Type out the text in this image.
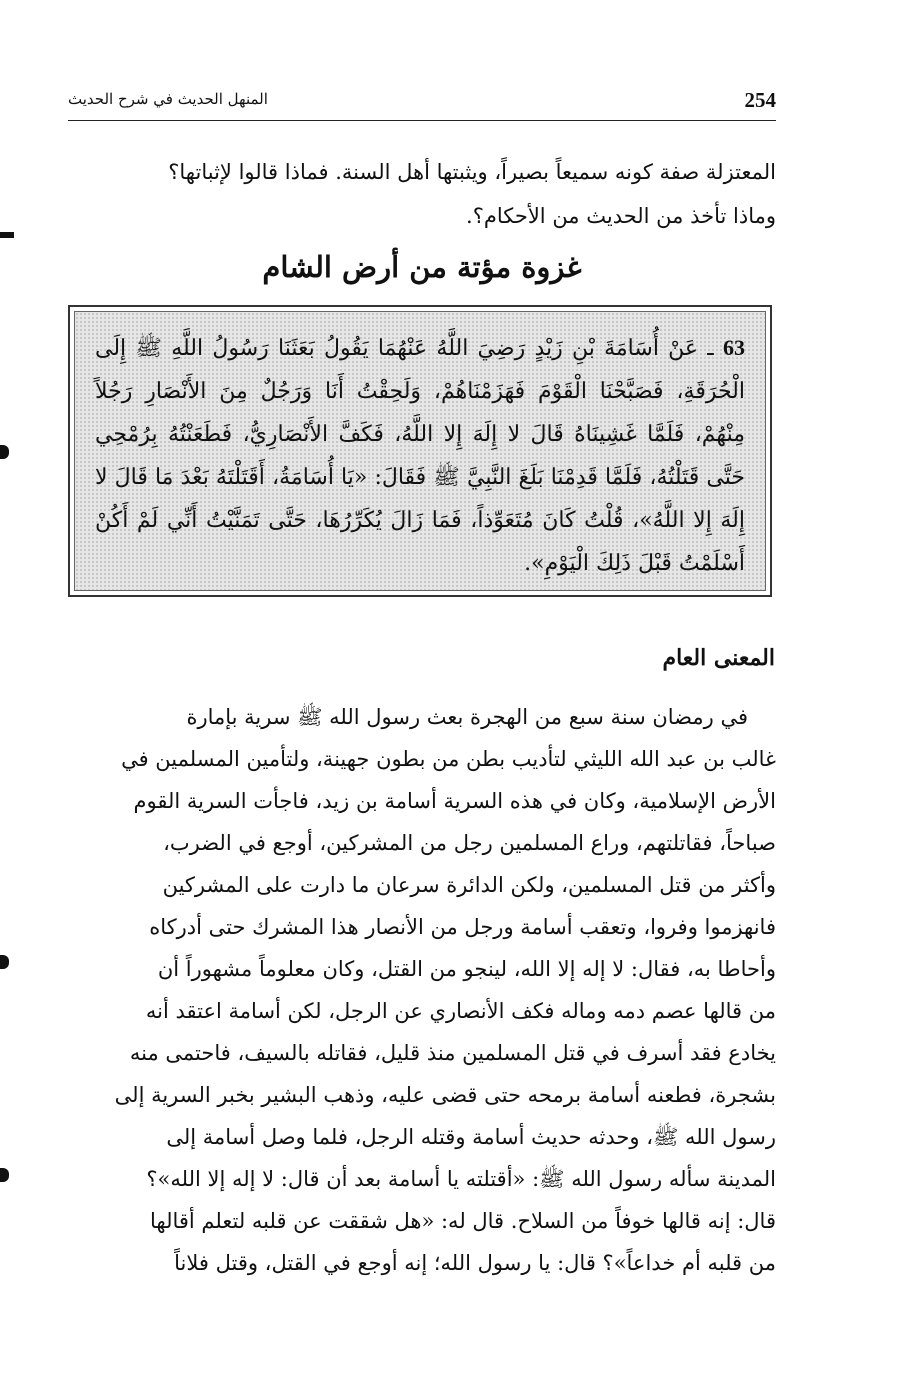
254
المنهل الحديث في شرح الحديث
المعتزلة صفة كونه سميعاً بصيراً، ويثبتها أهل السنة. فماذا قالوا لإثباتها؟
وماذا تأخذ من الحديث من الأحكام؟.
غزوة مؤتة من أرض الشام
63 ـ عَنْ أُسَامَةَ بْنِ زَيْدٍ رَضِيَ اللَّهُ عَنْهُمَا يَقُولُ بَعَثَنَا رَسُولُ اللَّهِ ﷺ إِلَى الْحُرَقَةِ، فَصَبَّحْنَا الْقَوْمَ فَهَزَمْنَاهُمْ، وَلَحِقْتُ أَنَا وَرَجُلٌ مِنَ الأَنْصَارِ رَجُلاً مِنْهُمْ، فَلَمَّا غَشِينَاهُ قَالَ لا إِلَهَ إِلا اللَّهُ، فَكَفَّ الأَنْصَارِيُّ، فَطَعَنْتُهُ بِرُمْحِي حَتَّى قَتَلْتُهُ، فَلَمَّا قَدِمْنَا بَلَغَ النَّبِيَّ ﷺ فَقَالَ: «يَا أُسَامَةُ، أَقَتَلْتَهُ بَعْدَ مَا قَالَ لا إِلَهَ إِلا اللَّهُ»، قُلْتُ كَانَ مُتَعَوِّذاً، فَمَا زَالَ يُكَرِّرُهَا، حَتَّى تَمَنَّيْتُ أَنِّي لَمْ أَكُنْ أَسْلَمْتُ قَبْلَ ذَلِكَ الْيَوْمِ».
المعنى العام
في رمضان سنة سبع من الهجرة بعث رسول الله ﷺ سرية بإمارة
غالب بن عبد الله الليثي لتأديب بطن من بطون جهينة، ولتأمين المسلمين في
الأرض الإسلامية، وكان في هذه السرية أسامة بن زيد، فاجأت السرية القوم
صباحاً، فقاتلتهم، وراع المسلمين رجل من المشركين، أوجع في الضرب،
وأكثر من قتل المسلمين، ولكن الدائرة سرعان ما دارت على المشركين
فانهزموا وفروا، وتعقب أسامة ورجل من الأنصار هذا المشرك حتى أدركاه
وأحاطا به، فقال: لا إله إلا الله، لينجو من القتل، وكان معلوماً مشهوراً أن
من قالها عصم دمه وماله فكف الأنصاري عن الرجل، لكن أسامة اعتقد أنه
يخادع فقد أسرف في قتل المسلمين منذ قليل، فقاتله بالسيف، فاحتمى منه
بشجرة، فطعنه أسامة برمحه حتى قضى عليه، وذهب البشير بخبر السرية إلى
رسول الله ﷺ، وحدثه حديث أسامة وقتله الرجل، فلما وصل أسامة إلى
المدينة سأله رسول الله ﷺ: «أقتلته يا أسامة بعد أن قال: لا إله إلا الله»؟
قال: إنه قالها خوفاً من السلاح. قال له: «هل شققت عن قلبه لتعلم أقالها
من قلبه أم خداعاً»؟ قال: يا رسول الله؛ إنه أوجع في القتل، وقتل فلاناً
